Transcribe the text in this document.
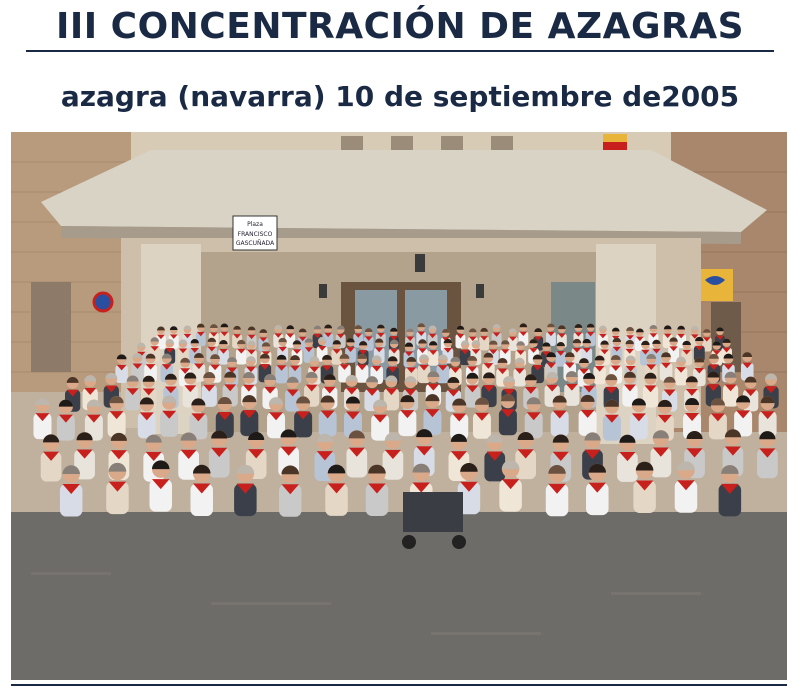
III CONCENTRACIÓN DE AZAGRAS
azagra (navarra) 10 de septiembre de2005
Plaza
FRANCISCO
GASCUÑADA
